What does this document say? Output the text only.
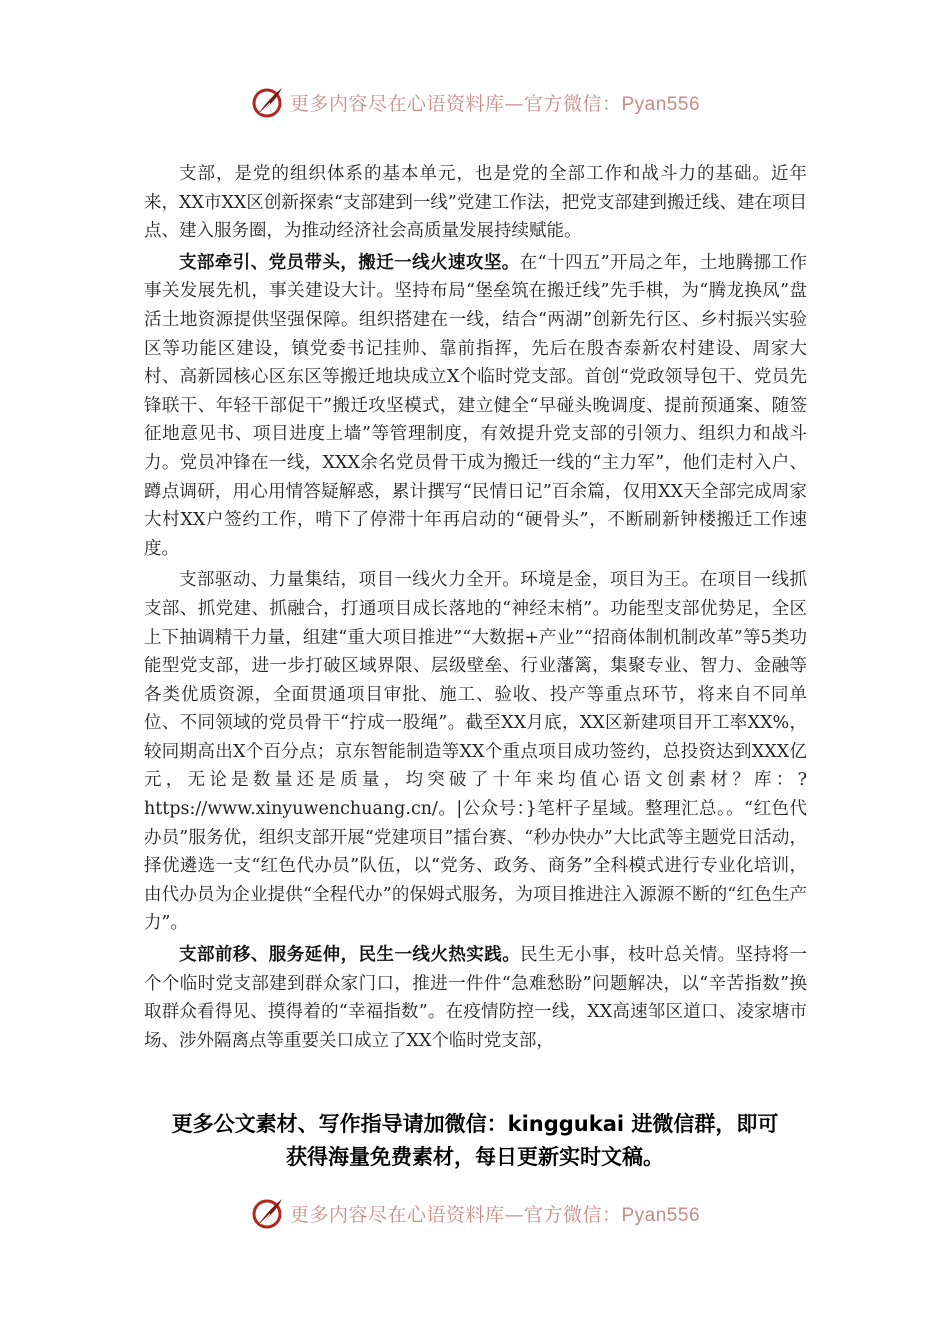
更多内容尽在心语资料库—官方微信：Pyan556

支部，是党的组织体系的基本单元，也是党的全部工作和战斗力的基础。近年来，XX市XX区创新探索“支部建到一线”党建工作法，把党支部建到搬迁线、建在项目点、建入服务圈，为推动经济社会高质量发展持续赋能。

支部牵引、党员带头，搬迁一线火速攻坚。在“十四五”开局之年，土地腾挪工作事关发展先机，事关建设大计。坚持布局“堡垒筑在搬迁线”先手棋，为“腾龙换凤”盘活土地资源提供坚强保障。组织搭建在一线，结合“两湖”创新先行区、乡村振兴实验区等功能区建设，镇党委书记挂帅、靠前指挥，先后在殷杏泰新农村建设、周家大村、高新园核心区东区等搬迁地块成立X个临时党支部。首创“党政领导包干、党员先锋联干、年轻干部促干”搬迁攻坚模式，建立健全“早碰头晚调度、提前预通案、随签征地意见书、项目进度上墙”等管理制度，有效提升党支部的引领力、组织力和战斗力。党员冲锋在一线，XXX余名党员骨干成为搬迁一线的“主力军”，他们走村入户、蹲点调研，用心用情答疑解惑，累计撰写“民情日记”百余篇，仅用XX天全部完成周家大村XX户签约工作，啃下了停滞十年再启动的“硬骨头”，不断刷新钟楼搬迁工作速度。

支部驱动、力量集结，项目一线火力全开。环境是金，项目为王。在项目一线抓支部、抓党建、抓融合，打通项目成长落地的“神经末梢”。功能型支部优势足，全区上下抽调精干力量，组建“重大项目推进”“大数据+产业”“招商体制机制改革”等5类功能型党支部，进一步打破区域界限、层级壁垒、行业藩篱，集聚专业、智力、金融等各类优质资源，全面贯通项目审批、施工、验收、投产等重点环节，将来自不同单位、不同领域的党员骨干“拧成一股绳”。截至XX月底，XX区新建项目开工率XX%，较同期高出X个百分点；京东智能制造等XX个重点项目成功签约，总投资达到XXX亿元，无论是数量还是质量，均突破了十年来均值心语文创素材？库：?https://www.xinyuwenchuang.cn/。|公众号：}笔杆子星域。整理汇总。。“红色代办员”服务优，组织支部开展“党建项目”擂台赛、“秒办快办”大比武等主题党日活动，择优遴选一支“红色代办员”队伍，以“党务、政务、商务”全科模式进行专业化培训，由代办员为企业提供“全程代办”的保姆式服务，为项目推进注入源源不断的“红色生产力”。

支部前移、服务延伸，民生一线火热实践。民生无小事，枝叶总关情。坚持将一个个临时党支部建到群众家门口，推进一件件“急难愁盼”问题解决，以“辛苦指数”换取群众看得见、摸得着的“幸福指数”。在疫情防控一线，XX高速邹区道口、凌家塘市场、涉外隔离点等重要关口成立了XX个临时党支部，

更多公文素材、写作指导请加微信：kinggukai 进微信群，即可
获得海量免费素材，每日更新实时文稿。
更多内容尽在心语资料库—官方微信：Pyan556
